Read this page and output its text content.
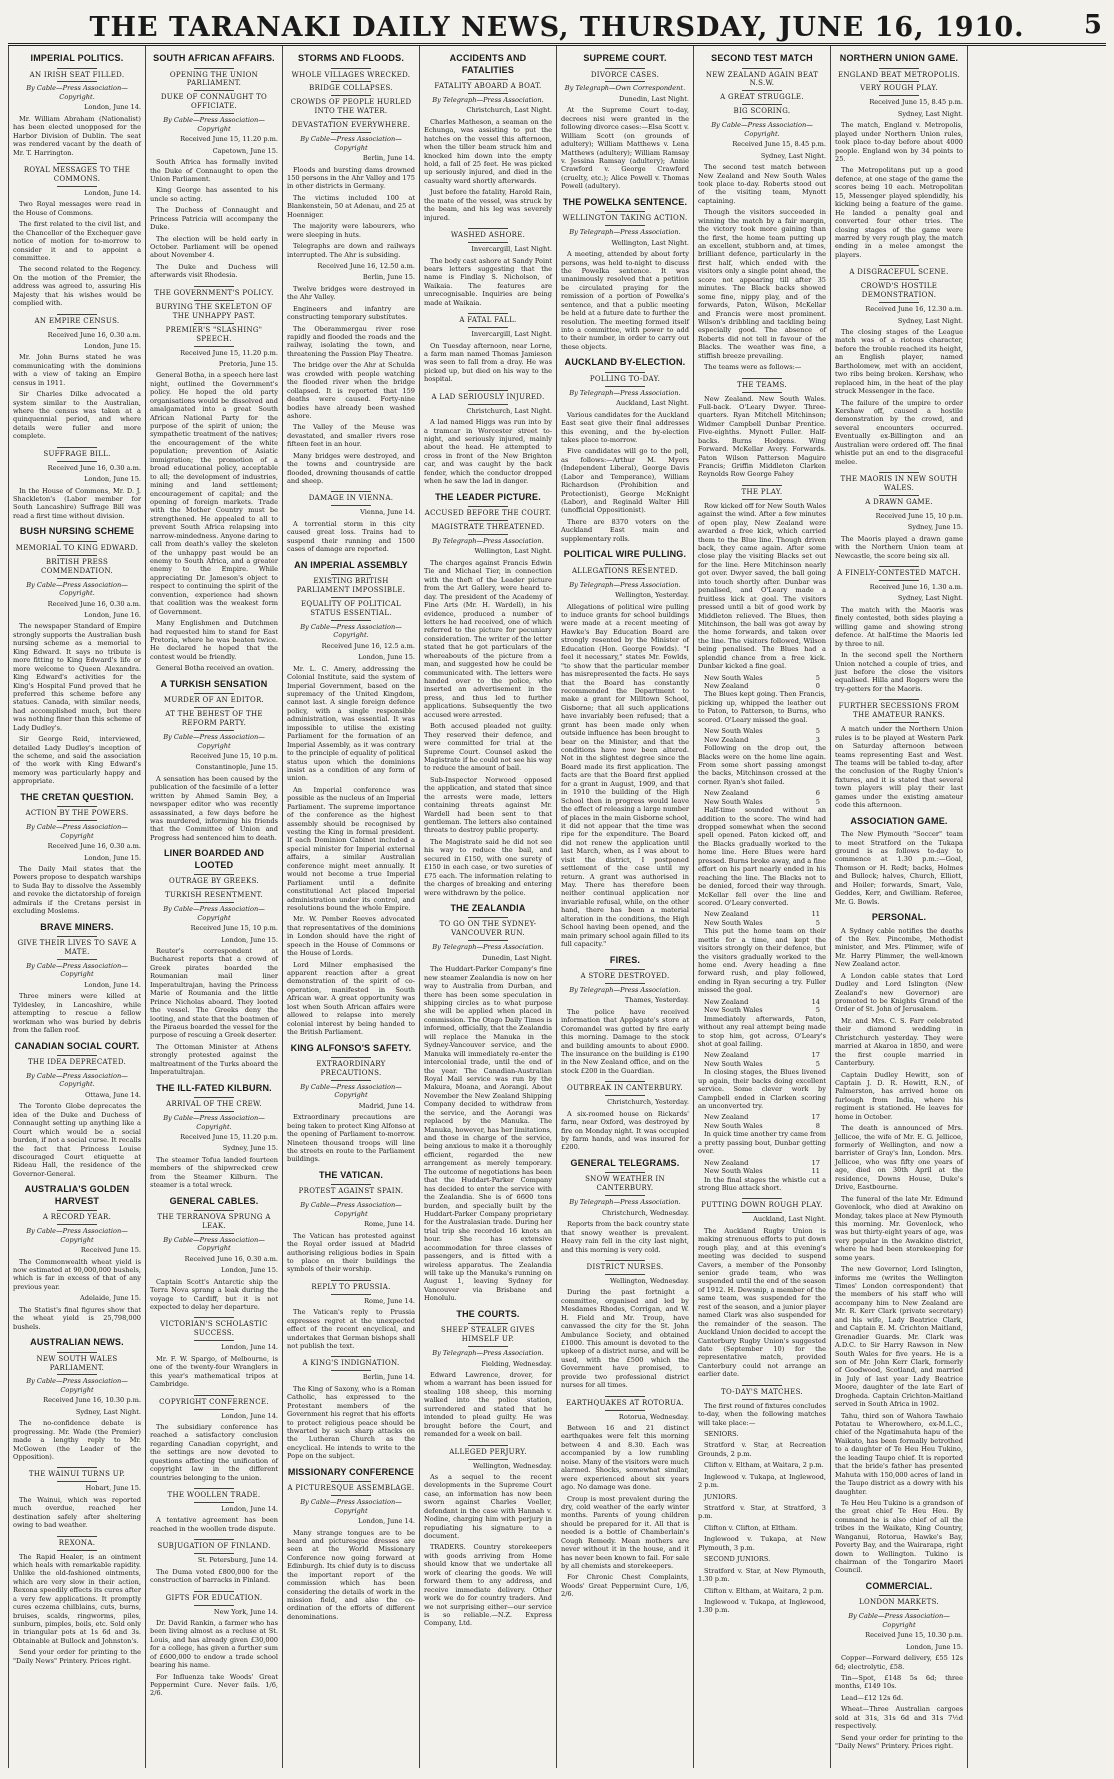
THE TARANAKI DAILY NEWS, THURSDAY, JUNE 16, 1910. 5
IMPERIAL POLITICS.
AN IRISH SEAT FILLED.
By Cable—Press Association—Copyright.

London, June 14.

Mr. William Abraham (Nationalist) has been elected unopposed for the Harbor Division of Dublin. The seat was rendered vacant by the death of Mr. T. Harrington.

ROYAL MESSAGES TO THE COMMONS.

London, June 14.

Two Royal messages were read in the House of Commons.

The first related to the civil list, and the Chancellor of the Exchequer gave notice of motion for to-morrow to consider it and to appoint a committee.

The second related to the Regency. On the motion of the Premier, the address was agreed to, assuring His Majesty that his wishes would be complied with.

AN EMPIRE CENSUS.

Received June 16, 0.30 a.m.

London, June 15.

Mr. John Burns stated he was communicating with the dominions with a view of taking an Empire census in 1911.

Sir Charles Dilke advocated a system similar to the Australian, where the census was taken at a quinquennial period, and where details were fuller and more complete.

SUFFRAGE BILL.

Received June 16, 0.30 a.m.

London, June 15.

In the House of Commons, Mr. D. J. Shackleton's (Labor member for South Lancashire) Suffrage Bill was read a first time without division.

BUSH NURSING SCHEME
MEMORIAL TO KING EDWARD.
BRITISH PRESS COMMENDATION.
By Cable—Press Association—Copyright.

Received June 16, 0.30 a.m.

London, June 16.

The newspaper Standard of Empire strongly supports the Australian bush nursing scheme as a memorial to King Edward. It says no tribute is more fitting to King Edward's life or more welcome to Queen Alexandra. King Edward's activities for the King's Hospital Fund proved that he preferred this scheme before any statues. Canada, with similar needs, had accomplished much, but there was nothing finer than this scheme of Lady Dudley's.

Sir George Reid, interviewed, detailed Lady Dudley's inception of the scheme, and said the association of the work with King Edward's memory was particularly happy and appropriate.

THE CRETAN QUESTION.
ACTION BY THE POWERS.
By Cable—Press Association—Copyright

Received June 16, 0.30 a.m.

London, June 15.

The Daily Mail states that the Powers propose to despatch warships to Suda Bay to dissolve the Assembly and revoke the dictatorship of foreign admirals if the Cretans persist in excluding Moslems.

BRAVE MINERS.
GIVE THEIR LIVES TO SAVE A MATE.
By Cable—Press Association—Copyright

London, June 14.

Three miners were killed at Tyldesley, in Lancashire, while attempting to rescue a fellow workman who was buried by debris from the fallen roof.

CANADIAN SOCIAL COURT.
THE IDEA DEPRECATED.
By Cable—Press Association—Copyright.

Ottawa, June 14.

The Toronto Globe deprecates the idea of the Duke and Duchess of Connaught setting up anything like a Court which would be a social burden, if not a social curse. It recalls the fact that Princess Louise discouraged Court etiquette at Rideau Hall, the residence of the Governor-General.

AUSTRALIA'S GOLDEN HARVEST
A RECORD YEAR.
By Cable—Press Association—Copyright

Received June 15.

The Commonwealth wheat yield is now estimated at 90,000,000 bushels, which is far in excess of that of any previous year.

Adelaide, June 15.

The Statist's final figures show that the wheat yield is 25,798,000 bushels.

AUSTRALIAN NEWS.
NEW SOUTH WALES PARLIAMENT.
By Cable—Press Association—Copyright

Received June 16, 10.30 p.m.

Sydney, Last Night.

The no-confidence debate is progressing. Mr. Wade (the Premier) made a lengthy reply to Mr. McGowen (the Leader of the Opposition).

THE WAINUI TURNS UP.

Hobart, June 15.

The Wainui, which was reported much overdue, reached her destination safely after sheltering owing to bad weather.

REXONA.

The Rapid Healer, is an ointment which heals with remarkable rapidity. Unlike the old-fashioned ointments, which are very slow in their action, Rexona speedily effects its cures after a very few applications. It promptly cures eczema chilblains, cuts, burns, bruises, scalds, ringworms, piles, sunburn, pimples, boils, etc. Sold only in triangular pots at 1s 6d and 3s. Obtainable at Bullock and Johnston's.

Send your order for printing to the "Daily News" Printery. Prices right.

SOUTH AFRICAN AFFAIRS.
OPENING THE UNION PARLIAMENT.
DUKE OF CONNAUGHT TO OFFICIATE.
By Cable—Press Association—Copyright

Received June 15, 11.20 p.m.

Capetown, June 15.

South Africa has formally invited the Duke of Connaught to open the Union Parliament.

King George has assented to his uncle so acting.

The Duchess of Connaught and Princess Patricia will accompany the Duke.

The election will be held early in October. Parliament will be opened about November 4.

The Duke and Duchess will afterwards visit Rhodesia.

THE GOVERNMENT'S POLICY.
BURYING THE SKELETON OF THE UNHAPPY PAST.
PREMIER'S "SLASHING" SPEECH.

Received June 15, 11.20 p.m.

Pretoria, June 15.

General Botha, in a speech here last night, outlined the Government's policy. He hoped the old party organisations would be dissolved and amalgamated into a great South African National Party for the purpose of the spirit of union; the sympathetic treatment of the natives; the encouragement of the white population; prevention of Asiatic immigration; the promotion of a broad educational policy, acceptable to all; the development of industries, mining and land settlement; encouragement of capital; and the opening of foreign markets. Trade with the Mother Country must be strengthened. He appealed to all to prevent South Africa relapsing into narrow-mindedness. Anyone daring to call from death's valley the skeleton of the unhappy past would be an enemy to South Africa, and a greater enemy to the Empire. While appreciating Dr. Jameson's object to respect to continuing the spirit of the convention, experience had shown that coalition was the weakest form of Government.

Many Englishmen and Dutchmen had requested him to stand for East Pretoria, where he was beaten twice. He declared he hoped that the contest would be friendly.

General Botha received an ovation.

A TURKISH SENSATION
MURDER OF AN EDITOR.
AT THE BEHEST OF THE REFORM PARTY.
By Cable—Press Association—Copyright

Received June 15, 10 p.m.

Constantinople, June 15.

A sensation has been caused by the publication of the facsimile of a letter written by Ahmed Samin Bey, a newspaper editor who was recently assassinated, a few days before he was murdered, informing his friends that the Committee of Union and Progress had sentenced him to death.

LINER BOARDED AND LOOTED
OUTRAGE BY GREEKS.
TURKISH RESENTMENT.
By Cable—Press Association—Copyright

Received June 15, 10 p.m.

London, June 15.

Reuter's correspondent at Bucharest reports that a crowd of Greek pirates boarded the Roumanian mail liner Imperatultrajan, having the Princess Marie of Roumania and the little Prince Nicholas aboard. They looted the vessel. The Greeks deny the looting, and state that the boatmen of the Piraeus boarded the vessel for the purpose of rescuing a Greek deserter.

The Ottoman Minister at Athens strongly protested against the maltreatment of the Turks aboard the Imperatultrajan.

THE ILL-FATED KILBURN.
ARRIVAL OF THE CREW.
By Cable—Press Association—Copyright.

Received June 15, 11.20 p.m.

Sydney, June 15.

The steamer Tofua landed fourteen members of the shipwrecked crew from the Steamer Kilburn. The steamer is a total wreck.

GENERAL CABLES.
THE TERRANOVA SPRUNG A LEAK.
By Cable—Press Association—Copyright

Received June 16, 0.30 a.m.

London, June 15.

Captain Scott's Antarctic ship the Terra Nova sprang a leak during the voyage to Cardiff, but it is not expected to delay her departure.

VICTORIAN'S SCHOLASTIC SUCCESS.

London, June 14.

Mr. F. W. Spargo, of Melbourne, is one of the twenty-four Wranglers in this year's mathematical tripos at Cambridge.

COPYRIGHT CONFERENCE.

London, June 14.

The subsidiary conference has reached a satisfactory conclusion regarding Canadian copyright, and the settings are now devoted to questions affecting the unification of copyright law in the different countries belonging to the union.

THE WOOLLEN TRADE.

London, June 14.

A tentative agreement has been reached in the woollen trade dispute.

SUBJUGATION OF FINLAND.

St. Petersburg, June 14.

The Duma voted £800,000 for the construction of barracks in Finland.

GIFTS FOR EDUCATION.

New York, June 14.

Dr. David Rankin, a farmer who has been living almost as a recluse at St. Louis, and has already given £30,000 for a college, has given a further sum of £600,000 to endow a trade school bearing his name.

For Influenza take Woods' Great Peppermint Cure. Never fails. 1/6, 2/6.

STORMS AND FLOODS.
WHOLE VILLAGES WRECKED.
BRIDGE COLLAPSES.
CROWDS OF PEOPLE HURLED INTO THE WATER.
DEVASTATION EVERYWHERE.
By Cable—Press Association—Copyright

Berlin, June 14.

Floods and bursting dams drowned 150 persons in the Ahr Valley and 175 in other districts in Germany.

The victims included 100 at Blankenstein, 50 at Adenau, and 25 at Hoenniger.

The majority were labourers, who were sleeping in huts.

Telegraphs are down and railways interrupted. The Ahr is subsiding.

Received June 16, 12.50 a.m.

Berlin, June 15.

Twelve bridges were destroyed in the Ahr Valley.

Engineers and infantry are constructing temporary substitutes.

The Oberammergau river rose rapidly and flooded the roads and the railway, isolating the town, and threatening the Passion Play Theatre.

The bridge over the Ahr at Schulda was crowded with people watching the flooded river when the bridge collapsed. It is reported that 159 deaths were caused. Forty-nine bodies have already been washed ashore.

The Valley of the Meuse was devastated, and smaller rivers rose fifteen feet in an hour.

Many bridges were destroyed, and the towns and countryside are flooded, drowning thousands of cattle and sheep.

DAMAGE IN VIENNA.

Vienna, June 14.

A torrential storm in this city caused great loss. Trains had to suspend their running and 1500 cases of damage are reported.

AN IMPERIAL ASSEMBLY
EXISTING BRITISH PARLIAMENT IMPOSSIBLE.
EQUALITY OF POLITICAL STATUS ESSENTIAL.
By Cable—Press Association—Copyright.

Received June 16, 12.5 a.m.

London, June 15.

Mr. L. C. Amery, addressing the Colonial Institute, said the system of Imperial Government, based on the supremacy of the United Kingdom, cannot last. A single foreign defence policy, with a single responsible administration, was essential. It was impossible to utilise the existing Parliament for the formation of an Imperial Assembly, as it was contrary to the principle of equality of political status upon which the dominions insist as a condition of any form of union.

An Imperial conference was possible as the nucleus of an Imperial Parliament. The supreme importance of the conference as the highest assembly should be recognised by vesting the King in formal president. If each Dominion Cabinet included a special minister for Imperial external affairs, a similar Australian conference might meet annually. It would not become a true Imperial Parliament until a definite constitutional Act placed Imperial administration under its control, and resolutions bound the whole Empire.

Mr. W. Pember Reeves advocated that representatives of the dominions in London should have the right of speech in the House of Commons or the House of Lords.

Lord Milner emphasised the apparent reaction after a great demonstration of the spirit of co-operation, manifested in South African war. A great opportunity was lost when South African affairs were allowed to relapse into merely colonial interest by being handed to the British Parliament.

KING ALFONSO'S SAFETY.
EXTRAORDINARY PRECAUTIONS.
By Cable—Press Association—Copyright

Madrid, June 14.

Extraordinary precautions are being taken to protect King Alfonso at the opening of Parliament to-morrow. Nineteen thousand troops will line the streets en route to the Parliament buildings.

THE VATICAN.
PROTEST AGAINST SPAIN.
By Cable—Press Association—Copyright

Rome, June 14.

The Vatican has protested against the Royal order issued at Madrid authorising religious bodies in Spain to place on their buildings the symbols of their worship.

REPLY TO PRUSSIA.

Rome, June 14.

The Vatican's reply to Prussia expresses regret at the unexpected effect of the recent encyclical, and undertakes that German bishops shall not publish the text.

A KING'S INDIGNATION.

Berlin, June 14.

The King of Saxony, who is a Roman Catholic, has expressed to the Protestant members of the Government his regret that his efforts to protect religious peace should be thwarted by such sharp attacks on the Lutheran Church as the encyclical. He intends to write to the Pope on the subject.

MISSIONARY CONFERENCE
A PICTURESQUE ASSEMBLAGE.
By Cable—Press Association—Copyright

London, June 14.

Many strange tongues are to be heard and picturesque dresses are seen at the World Missionary Conference now going forward at Edinburgh. Its chief duty is to discuss the important report of the commission which has been considering the details of work in the mission field, and also the co-ordination of the efforts of different denominations.

ACCIDENTS AND FATALITIES
FATALITY ABOARD A BOAT.
By Telegraph—Press Association.

Christchurch, Last Night.

Charles Matheson, a seaman on the Echunga, was assisting to put the hatches on the vessel this afternoon, when the tiller beam struck him and knocked him down into the empty hold, a fall of 25 feet. He was picked up seriously injured, and died in the casualty ward shortly afterwards.

Just before the fatality, Harold Rain, the mate of the vessel, was struck by the beam, and his leg was severely injured.

WASHED ASHORE.

Invercargill, Last Night.

The body cast ashore at Sandy Point bears letters suggesting that the name is Findlay S. Nicholson, of Waikaia. The features are unrecognisable. Inquiries are being made at Waikaia.

A FATAL FALL.

Invercargill, Last Night.

On Tuesday afternoon, near Lorne, a farm man named Thomas Jamieson was seen to fall from a dray. He was picked up, but died on his way to the hospital.

A LAD SERIOUSLY INJURED.

Christchurch, Last Night.

A lad named Higgs was run into by a tramcar in Worcester street to-night, and seriously injured, mainly about the head. He attempted to cross in front of the New Brighton car, and was caught by the back fender, which the conductor dropped when he saw the lad in danger.

THE LEADER PICTURE.
ACCUSED BEFORE THE COURT.
MAGISTRATE THREATENED.
By Telegraph—Press Association.

Wellington, Last Night.

The charges against Francis Edwin Tie and Michael Tier, in connection with the theft of the Leader picture from the Art Gallery, were heard to-day. The president of the Academy of Fine Arts (Mr. H. Wardell), in his evidence, produced a number of letters he had received, one of which referred to the picture for pecuniary consideration. The writer of the letter stated that he got particulars of the whereabouts of the picture from a man, and suggested how he could be communicated with. The letters were handed over to the police, who inserted an advertisement in the press, and thus led to further applications. Subsequently the two accused were arrested.

Both accused pleaded not guilty. They reserved their defence, and were committed for trial at the Supreme Court. Counsel asked the Magistrate if he could not see his way to reduce the amount of bail.

Sub-Inspector Norwood opposed the application, and stated that since the arrests were made, letters containing threats against Mr. Wardell had been sent to that gentleman. The letters also contained threats to destroy public property.

The Magistrate said he did not see his way to reduce the bail, and secured in £150, with one surety of £150 in each case, or two sureties of £75 each. The information relating to the charges of breaking and entering were withdrawn by the police.

THE ZEALANDIA
TO GO ON THE SYDNEY-VANCOUVER RUN.
By Telegraph—Press Association.

Dunedin, Last Night.

The Huddart-Parker Company's fine new steamer Zealandia is now on her way to Australia from Durban, and there has been some speculation in shipping circles as to what purpose she will be applied when placed in commission. The Otago Daily Times is informed, officially, that the Zealandia will replace the Manuka in the Sydney-Vancouver service, and the Manuka will immediately re-enter the intercolonial trade, until the end of the year. The Canadian-Australian Royal Mail service was run by the Makura, Moana, and Aorangi. About November the New Zealand Shipping Company decided to withdraw from the service, and the Aorangi was replaced by the Manuka. The Manuka, however, has her limitations, and those in charge of the service, being anxious to make it a thoroughly efficient, regarded the new arrangement as merely temporary. The outcome of negotiations has been that the Huddart-Parker Company has decided to enter the service with the Zealandia. She is of 6600 tons burden, and specially built by the Huddart-Parker Company proprietary for the Australasian trade. During her trial trip she recorded 16 knots an hour. She has extensive accommodation for three classes of passengers, and is fitted with a wireless apparatus. The Zealandia will take up the Manuka's running on August 1, leaving Sydney for Vancouver via Brisbane and Honolulu.

THE COURTS.
SHEEP STEALER GIVES HIMSELF UP.
By Telegraph—Press Association.

Fielding, Wednesday.

Edward Lawrence, drover, for whom a warrant has been issued for stealing 108 sheep, this morning walked into the police station, surrendered and stated that he intended to plead guilty. He was brought before the Court, and remanded for a week on bail.

ALLEGED PERJURY.

Wellington, Wednesday.

As a sequel to the recent developments in the Supreme Court case, an information has now been sworn against Charles Voeller, defendant in the case with Hannah v. Nodine, charging him with perjury in repudiating his signature to a document.

TRADERS. Country storekeepers with goods arriving from Home should know that we undertake all work of clearing the goods. We will forward them to any address, and receive immediate delivery. Other work we do for country traders. And we not surprising either—our service is so reliable.—N.Z. Express Company, Ltd.

SUPREME COURT.
DIVORCE CASES.
By Telegraph—Own Correspondent.

Dunedin, Last Night.

At the Supreme Court to-day, decrees nisi were granted in the following divorce cases:—Elsa Scott v. William Scott (on grounds of adultery); William Matthews v. Lena Matthews (adultery); William Ramsay v. Jessina Ramsay (adultery); Annie Crawford v. George Crawford (cruelty, etc.); Alice Powell v. Thomas Powell (adultery).

THE POWELKA SENTENCE.
WELLINGTON TAKING ACTION.
By Telegraph—Press Association.

Wellington, Last Night.

A meeting, attended by about forty persons, was held to-night to discuss the Powelka sentence. It was unanimously resolved that a petition be circulated praying for the remission of a portion of Powelka's sentence, and that a public meeting be held at a future date to further the resolution. The meeting formed itself into a committee, with power to add to their number, in order to carry out these objects.

AUCKLAND BY-ELECTION.
POLLING TO-DAY.
By Telegraph—Press Association.

Auckland, Last Night.

Various candidates for the Auckland East seat give their final addresses this evening, and the by-election takes place to-morrow.

Five candidates will go to the poll, as follows:—Arthur M. Myers (Independent Liberal), George Davis (Labor and Temperance), William Richardson (Prohibition and Protectionist), George McKnight (Labor), and Reginald Walter Hill (unofficial Oppositionist).

There are 8370 voters on the Auckland East main and supplementary rolls.

POLITICAL WIRE PULLING.
ALLEGATIONS RESENTED.
By Telegraph—Press Association.

Wellington, Yesterday.

Allegations of political wire pulling to induce grants for school buildings were made at a recent meeting of Hawke's Bay Education Board are strongly resented by the Minister of Education (Hon. George Fowlds). "I feel it necessary," states Mr. Fowlds, "to show that the particular member has misrepresented the facts. He says that the Board has constantly recommended the Department to make a grant for Milltown School, Gisborne; that all such applications have invariably been refused; that a grant has been made only when outside influence has been brought to bear on the Minister, and that the conditions have now been altered. Not in the slightest degree since the Board made its first application. The facts are that the Board first applied for a grant in August, 1909, and that in 1910 the building of the High School then in progress would leave the effect of releasing a large number of places in the main Gisborne school, it did not appear that the time was ripe for the expenditure. The Board did not renew the application until last March, when, as I was about to visit the district, I postponed settlement of the case until my return. A grant was authorised in May. There has therefore been neither continual application nor invariable refusal, while, on the other hand, there has been a material alteration in the conditions, the High School having been opened, and the main primary school again filled to its full capacity."

FIRES.
A STORE DESTROYED.
By Telegraph—Press Association.

Thames, Yesterday.

The police have received information that Applegate's store at Coromandel was gutted by fire early this morning. Damage to the stock and building amounts to about £900. The insurance on the building is £190 in the New Zealand office, and on the stock £200 in the Guardian.

OUTBREAK IN CANTERBURY.

Christchurch, Yesterday.

A six-roomed house on Rickards' farm, near Oxford, was destroyed by fire on Monday night. It was occupied by farm hands, and was insured for £200.

GENERAL TELEGRAMS.
SNOW WEATHER IN CANTERBURY.
By Telegraph—Press Association.

Christchurch, Wednesday.

Reports from the back country state that snowy weather is prevalent. Heavy rain fell in the city last night, and this morning is very cold.

DISTRICT NURSES.

Wellington, Wednesday.

During the past fortnight a committee, organised and led by Mesdames Rhodes, Corrigan, and W. H. Field and Mr. Troup, have canvassed the city for the St. John Ambulance Society, and obtained £1000. This amount is devoted to the upkeep of a district nurse, and will be used, with the £500 which the Government have promised, to provide two professional district nurses for all times.

EARTHQUAKES AT ROTORUA.

Rotorua, Wednesday.

Between 16 and 21 distinct earthquakes were felt this morning between 4 and 8.30. Each was accompanied by a low rumbling noise. Many of the visitors were much alarmed. Shocks, somewhat similar, were experienced about six years ago. No damage was done.

Croup is most prevalent during the dry, cold weather of the early winter months. Parents of young children should be prepared for it. All that is needed is a bottle of Chamberlain's Cough Remedy. Mean mothers are never without it in the house, and it has never been known to fail. For sale by all chemists and storekeepers.

For Chronic Chest Complaints, Woods' Great Peppermint Cure, 1/6, 2/6.

SECOND TEST MATCH
NEW ZEALAND AGAIN BEAT N.S.W.
A GREAT STRUGGLE.
BIG SCORING.
By Cable—Press Association—Copyright.

Received June 15, 8.45 p.m.

Sydney, Last Night.

The second test match between New Zealand and New South Wales took place to-day. Roberts stood out of the visiting team, Mynott captaining.

Though the visitors succeeded in winning the match by a fair margin, the victory took more gaining than the first, the home team putting up an excellent, stubborn and, at times, brilliant defence, particularly in the first half, which ended with the visitors only a single point ahead, the score not appearing till after 35 minutes. The Black backs showed some fine, nippy play, and of the forwards, Paton, Wilson, McKellar and Francis were most prominent. Wilson's dribbling and tackling being especially good. The absence of Roberts did not tell in favour of the Blacks. The weather was fine, a stiffish breeze prevailing.

The teams were as follows:—

THE TEAMS.

New Zealand. New South Wales. Full-back. O'Leary Dwyer. Three-quarters. Ryan Mitchell Mitchinson; Widmer Campbell Dunbar Prentice. Five-eighths. Mynott Fuller. Half-backs. Burns Hodgens. Wing Forward. McKellar Avery. Forwards. Paton Wilson Patterson Maguire Francis; Griffin Middleton Clarken Reynolds Row George Fahey

THE PLAY.

Row kicked off for New South Wales against the wind. After a few minutes of open play, New Zealand were awarded a free kick, which carried them to the Blue line. Though driven back, they came again. After some close play the visiting Blacks set out for the line. Here Mitchinson nearly got over. Dwyer saved, the ball going into touch shortly after. Dunbar was penalised, and O'Leary made a fruitless kick at goal. The visitors pressed until a bit of good work by Middleton relieved. The Blues, then Mitchinson, the ball was got away by the home forwards, and taken over the line. The visitors followed, Wilson being penalised. The Blues had a splendid chance from a free kick. Dunbar kicked a fine goal.

New South Wales	5
New Zealand	0

The Blues kept going. Then Francis, picking up, whipped the leather out to Paton, to Patterson, to Burns, who scored. O'Leary missed the goal.

New South Wales	5
New Zealand	3

Following on the drop out, the Blacks were on the home line again. From some short passing amongst the backs, Mitchinson crossed at the corner. Ryan's shot failed.

New Zealand	6
New South Wales	5

Half-time sounded without an addition to the score. The wind had dropped somewhat when the second spell opened. Paton kicked off, and the Blacks gradually worked to the home line. Here Blues were hard pressed. Burns broke away, and a fine effort on his part nearly ended in his reaching the line. The Blacks not to be denied, forced their way through. McKellar fell over the line and scored. O'Leary converted.

New Zealand	11
New South Wales	5

This put the home team on their mettle for a time, and kept the visitors strongly on their defence, but the visitors gradually worked to the home end. Avery heading a fine forward rush, and play followed, ending in Ryan securing a try. Fuller missed the goal.

New Zealand	14
New South Wales	5

Immediately afterwards, Paton, without any real attempt being made to stop him, got across, O'Leary's shot at goal failing.

New Zealand	17
New South Wales	5

In closing stages, the Blues livened up again, their backs doing excellent service. Some clever work by Campbell ended in Clarken scoring an unconverted try.

New Zealand	17
New South Wales	8

In quick time another try came from a pretty passing bout, Dunbar getting over.

New Zealand	17
New South Wales	11

In the final stages the whistle cut a strong Blue attack short.

PUTTING DOWN ROUGH PLAY.

Auckland, Last Night.

The Auckland Rugby Union is making strenuous efforts to put down rough play, and at this evening's meeting was decided to suspend Cavers, a member of the Ponsonby senior grade team, who was suspended until the end of the season of 1912. H. Dewsnip, a member of the same team, was suspended for the rest of the season, and a junior player named Clark was also suspended for the remainder of the season. The Auckland Union decided to accept the Canterbury Rugby Union's suggested date (September 10) for the representative match, provided Canterbury could not arrange an earlier date.

TO-DAY'S MATCHES.

The first round of fixtures concludes to-day, when the following matches will take place:—

SENIORS.

Stratford v. Star, at Recreation Grounds, 2 p.m.

Clifton v. Eltham, at Waitara, 2 p.m.

Inglewood v. Tukapa, at Inglewood, 2 p.m.

JUNIORS.

Stratford v. Star, at Stratford, 3 p.m.

Clifton v. Clifton, at Eltham.

Inglewood v. Tukapa, at New Plymouth, 3 p.m.

SECOND JUNIORS.

Stratford v. Star, at New Plymouth, 1.30 p.m.

Clifton v. Eltham, at Waitara, 2 p.m.

Inglewood v. Tukapa, at Inglewood, 1.30 p.m.

NORTHERN UNION GAME.
ENGLAND BEAT METROPOLIS.
VERY ROUGH PLAY.

Received June 15, 8.45 p.m.

Sydney, Last Night.

The match, England v. Metropolis, played under Northern Union rules, took place to-day before about 4000 people. England won by 34 points to 25.

The Metropolitans put up a good defence, at one stage of the game the scores being 10 each. Metropolitan 15, Messenger played splendidly, his kicking being a feature of the game. He landed a penalty goal and converted four other tries. The closing stages of the game were marred by very rough play, the match ending in a melee amongst the players.

A DISGRACEFUL SCENE.
CROWD'S HOSTILE DEMONSTRATION.

Received June 16, 12.30 a.m.

Sydney, Last Night.

The closing stages of the League match was of a riotous character, before the trouble reached its height, an English player, named Bartholomew, met with an accident, two ribs being broken. Kershaw, who replaced him, in the heat of the play struck Messenger in the face.

The failure of the umpire to order Kershaw off, caused a hostile demonstration by the crowd, and several encounters occurred. Eventually ex-Billington and an Australian were ordered off. The final whistle put an end to the disgraceful melee.

THE MAORIS IN NEW SOUTH WALES.
A DRAWN GAME.

Received June 15, 10 p.m.

Sydney, June 15.

The Maoris played a drawn game with the Northern Union team at Newcastle, the score being six all.

A FINELY-CONTESTED MATCH.

Received June 16, 1.30 a.m.

Sydney, Last Night.

The match with the Maoris was finely contested, both sides playing a willing game and showing strong defence. At half-time the Maoris led by three to nil.

In the second spell the Northern Union notched a couple of tries, and just before the close the visitors equalised. Hilla and Rogers were the try-getters for the Maoris.

FURTHER SECESSIONS FROM THE AMATEUR RANKS.

A match under the Northern Union rules is to be played at Western Park on Saturday afternoon between teams representing East and West. The teams will be tabled to-day, after the conclusion of the Rugby Union's fixtures, and it is stated that several town players will play their last games under the existing amateur code this afternoon.

ASSOCIATION GAME.

The New Plymouth "Soccer" team to meet Stratford on the Tukapa ground is as follows to-day to commence at 1.30 p.m.:—Goal, Thomson or H. Redt; backs, Holmes and Bullock; halves, Church, Elliott, and Hoiler; forwards, Smart, Vale, Geddes, Kerr, and Gwilliam. Referee, Mr. G. Bowls.

PERSONAL.

A Sydney cable notifies the deaths of the Rev. Pincombe, Methodist minister, and Mrs. Plimmer, wife of Mr. Harry Plimmer, the well-known New Zealand actor.

A London cable states that Lord Dudley and Lord Islington (New Zealand's new Governor) are promoted to be Knights Grand of the Order of St. John of Jerusalem.

Mr. and Mrs. C. S. Farr celebrated their diamond wedding in Christchurch yesterday. They were married at Akaroa in 1850, and were the first couple married in Canterbury.

Captain Dudley Hewitt, son of Captain J. D. R. Hewitt, R.N., of Palmerston, has arrived home on furlough from India, where his regiment is stationed. He leaves for home in October.

The death is announced of Mrs. Jellicoe, the wife of Mr. E. G. Jellicoe, formerly of Wellington, and now a barrister of Gray's Inn, London. Mrs. Jellicoe, who was fifty one years of age, died on 30th April at the residence, Downs House, Duke's Drive, Eastbourne.

The funeral of the late Mr. Edmund Govenlock, who died at Awakino on Monday, takes place at New Plymouth this morning. Mr. Govenlock, who was but thirty-eight years of age, was very popular in the Awakino district, where he had been storekeeping for some years.

The new Governor, Lord Islington, informs me (writes the Wellington Times' London correspondent) that the members of his staff who will accompany him to New Zealand are Mr. R. Kerr Clark (private secretary) and his wife, Lady Beatrice Clark, and Captain E. M. Crichton Maitland, Grenadier Guards. Mr. Clark was A.D.C. to Sir Harry Rawson in New South Wales for five years. He is a son of Mr. John Kerr Clark, formerly of Goodwood, Scotland, and married in July of last year Lady Beatrice Moore, daughter of the late Earl of Drogheda. Captain Crichton-Maitland served in South Africa in 1902.

Tahu, third son of Wahora Tawhaio Potatau te Wherowhero, ex-M.L.C., chief of the Ngatimahuta hapu of the Waikato, has been formally betrothed to a daughter of Te Heu Heu Tukino, the leading Taupo chief. It is reported that the bride's father has presented Mahuta with 150,000 acres of land in the Taupo district as a dowry with his daughter.

Te Heu Heu Tukino is a grandson of the great chief Te Heu Heu. By command he is also chief of all the tribes in the Waikato, King Country, Wanganui, Rotorua, Hawke's Bay, Poverty Bay, and the Wairarapa, right down to Wellington. Tukino is chairman of the Tongariro Maori Council.

COMMERCIAL.
LONDON MARKETS.
By Cable—Press Association—Copyright

Received June 15, 10.30 p.m.

London, June 15.

Copper—Forward delivery, £55 12s 6d; electrolytic, £58.

Tin—Spot, £148 5s 6d; three months, £149 10s.

Lead—£12 12s 6d.

Wheat—Three Australian cargoes sold at 31s, 31s 6d and 31s 7½d respectively.

Send your order for printing to the "Daily News" Printery. Prices right.
